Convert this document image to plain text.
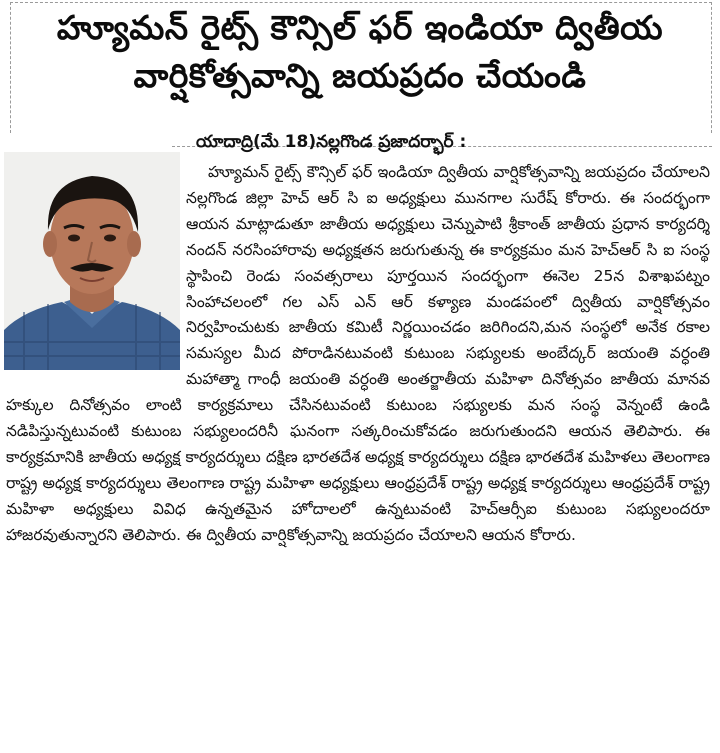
హ్యూమన్ రైట్స్ కౌన్సిల్ ఫర్ ఇండియా ద్వితీయ
వార్షికోత్సవాన్ని జయప్రదం చేయండి
యాదాద్రి(మే 18)నల్లగొండ ప్రజాదర్భార్ :

హ్యూమన్ రైట్స్ కౌన్సిల్ ఫర్ ఇండియా ద్వితీయ వార్షికోత్సవాన్ని జయప్రదం చేయాలని నల్లగొండ జిల్లా హెచ్ ఆర్ సి ఐ అధ్యక్షులు మునగాల సురేష్ కోరారు. ఈ సందర్భంగా ఆయన మాట్లాడుతూ జాతీయ అధ్యక్షులు చెన్నుపాటి శ్రీకాంత్ జాతీయ ప్రధాన కార్యదర్శి నందన్ నరసింహారావు అధ్యక్షతన జరుగుతున్న ఈ కార్యక్రమం మన హెచ్ఆర్ సి ఐ సంస్థ స్థాపించి రెండు సంవత్సరాలు పూర్తయిన సందర్భంగా ఈనెల 25న విశాఖపట్నం సింహాచలంలో గల ఎస్ ఎన్ ఆర్ కళ్యాణ మండపంలో ద్వితీయ వార్షికోత్సవం నిర్వహించుటకు జాతీయ కమిటీ నిర్ణయించడం జరిగిందని,మన సంస్థలో అనేక రకాల సమస్యల మీద పోరాడినటువంటి కుటుంబ సభ్యులకు అంబేద్కర్ జయంతి వర్ధంతి మహాత్మా గాంధీ జయంతి వర్ధంతి అంతర్జాతీయ మహిళా దినోత్సవం జాతీయ మానవ హక్కుల దినోత్సవం లాంటి కార్యక్రమాలు చేసినటువంటి కుటుంబ సభ్యులకు మన సంస్థ వెన్నంటే ఉండి నడిపిస్తున్నటువంటి కుటుంబ సభ్యులందరినీ ఘనంగా సత్కరించుకోవడం జరుగుతుందని ఆయన తెలిపారు. ఈ కార్యక్రమానికి జాతీయ అధ్యక్ష కార్యదర్శులు దక్షిణ భారతదేశ అధ్యక్ష కార్యదర్శులు దక్షిణ భారతదేశ మహిళలు తెలంగాణ రాష్ట్ర అధ్యక్ష కార్యదర్శులు తెలంగాణ రాష్ట్ర మహిళా అధ్యక్షులు ఆంధ్రప్రదేశ్ రాష్ట్ర అధ్యక్ష కార్యదర్శులు ఆంధ్రప్రదేశ్ రాష్ట్ర మహిళా అధ్యక్షులు వివిధ ఉన్నతమైన హోదాలలో ఉన్నటువంటి హెచ్ఆర్సీఐ కుటుంబ సభ్యులందరూ హాజరవుతున్నారని తెలిపారు. ఈ ద్వితీయ వార్షికోత్సవాన్ని జయప్రదం చేయాలని ఆయన కోరారు.
